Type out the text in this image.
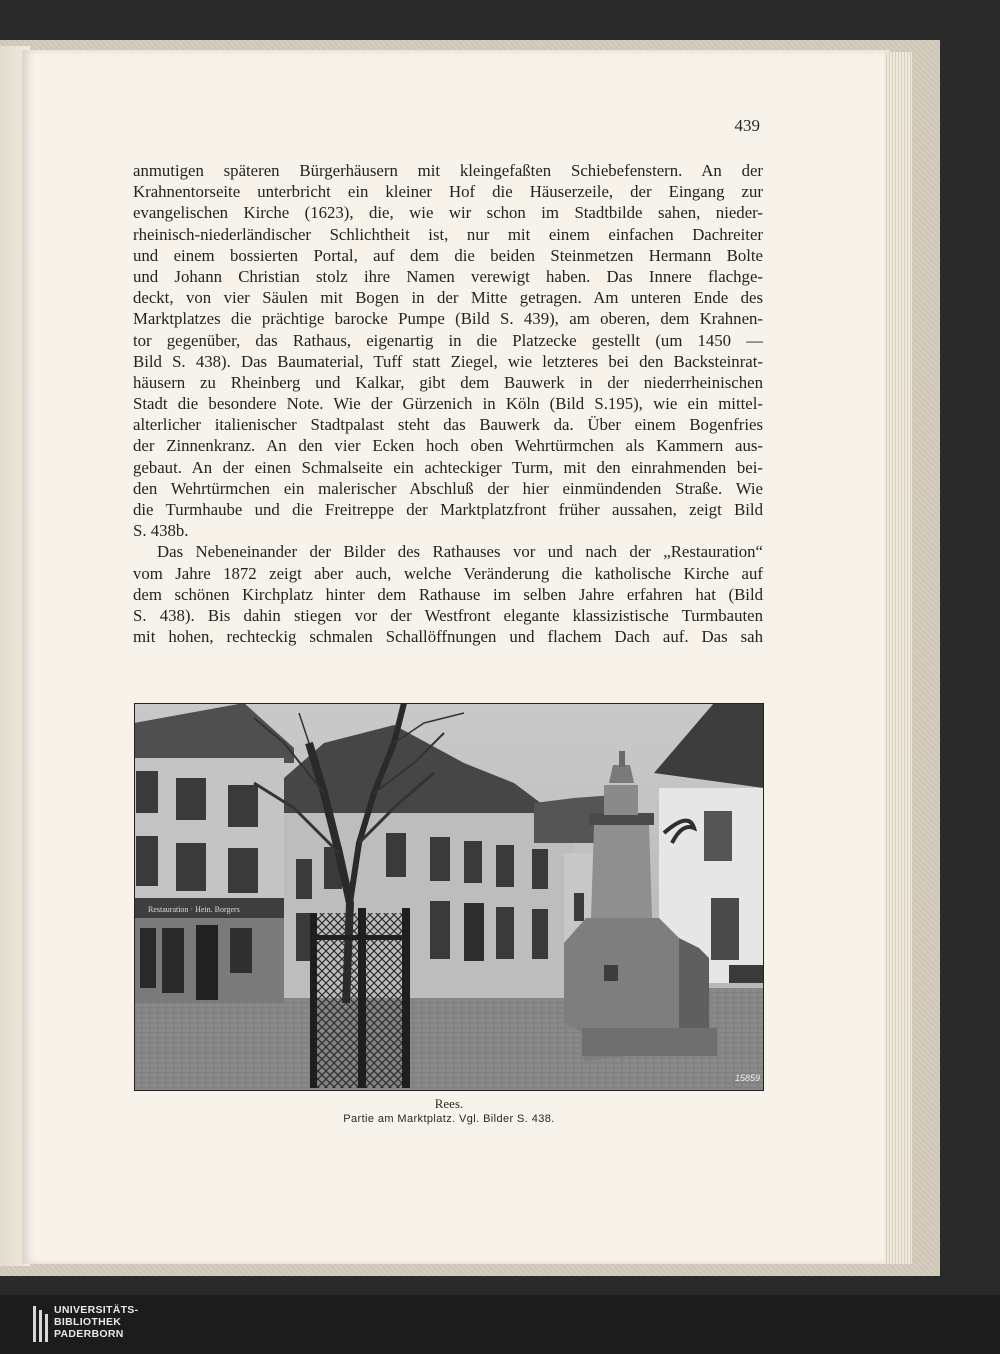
439
anmutigen späteren Bürgerhäusern mit kleingefaßten Schiebefenstern. An der
Krahnentorseite unterbricht ein kleiner Hof die Häuserzeile, der Eingang zur
evangelischen Kirche (1623), die, wie wir schon im Stadtbilde sahen, nieder-
rheinisch-niederländischer Schlichtheit ist, nur mit einem einfachen Dachreiter
und einem bossierten Portal, auf dem die beiden Steinmetzen Hermann Bolte
und Johann Christian stolz ihre Namen verewigt haben. Das Innere flachge-
deckt, von vier Säulen mit Bogen in der Mitte getragen. Am unteren Ende des
Marktplatzes die prächtige barocke Pumpe (Bild S. 439), am oberen, dem Krahnen-
tor gegenüber, das Rathaus, eigenartig in die Platzecke gestellt (um 1450 —
Bild S. 438). Das Baumaterial, Tuff statt Ziegel, wie letzteres bei den Backsteinrat-
häusern zu Rheinberg und Kalkar, gibt dem Bauwerk in der niederrheinischen
Stadt die besondere Note. Wie der Gürzenich in Köln (Bild S.195), wie ein mittel-
alterlicher italienischer Stadtpalast steht das Bauwerk da. Über einem Bogenfries
der Zinnenkranz. An den vier Ecken hoch oben Wehrtürmchen als Kammern aus-
gebaut. An der einen Schmalseite ein achteckiger Turm, mit den einrahmenden bei-
den Wehrtürmchen ein malerischer Abschluß der hier einmündenden Straße. Wie
die Turmhaube und die Freitreppe der Marktplatzfront früher aussahen, zeigt Bild
S. 438b.
Das Nebeneinander der Bilder des Rathauses vor und nach der „Restauration“
vom Jahre 1872 zeigt aber auch, welche Veränderung die katholische Kirche auf
dem schönen Kirchplatz hinter dem Rathause im selben Jahre erfahren hat (Bild
S. 438). Bis dahin stiegen vor der Westfront elegante klassizistische Turmbauten
mit hohen, rechteckig schmalen Schallöffnungen und flachem Dach auf. Das sah
Restauration · Hein. Borgers
15859
Rees.
Partie am Marktplatz. Vgl. Bilder S. 438.
UNIVERSITÄTS-
BIBLIOTHEK
PADERBORN
